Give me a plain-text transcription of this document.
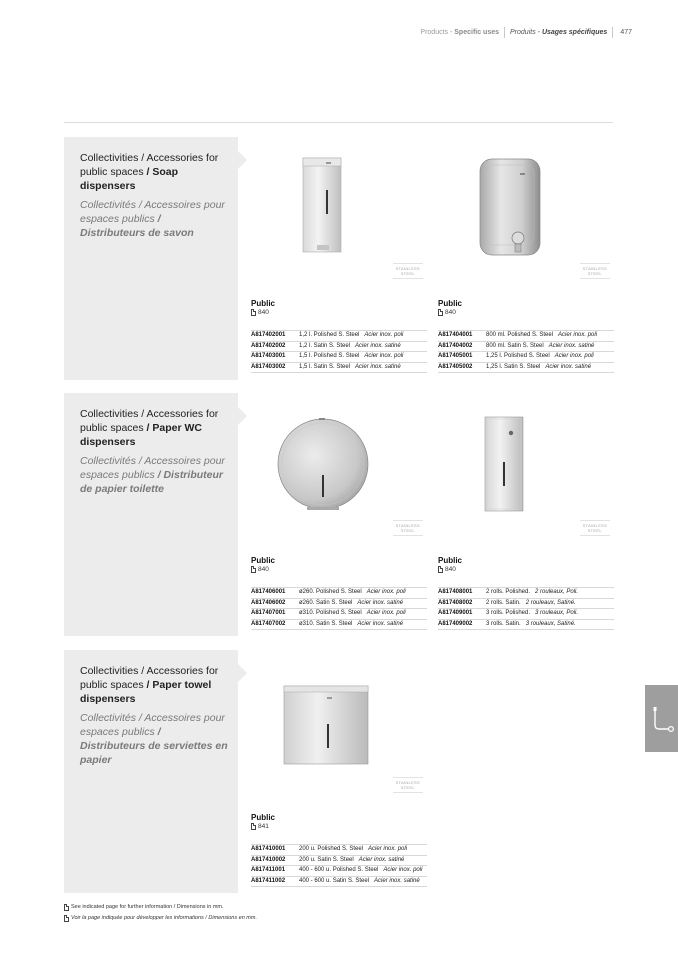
Products -
Specific uses Produits -
Usages spécifiques 477
Collectivities / Accessories for public spaces / Soap dispensers
Collectivités / Accessoires pour espaces publics / Distributeurs de savon
Collectivities / Accessories for public spaces / Paper WC dispensers
Collectivités / Accessoires pour espaces publics / Distributeur de papier toilette
Collectivities / Accessories for public spaces / Paper towel dispensers
Collectivités / Accessoires pour espaces publics / Distributeurs de serviettes en papier
STAINLESS
STEEL
Public
840
A817402001	1,2 l. Polished S. Steel Acier inox. poli
A817402002	1,2 l. Satin S. Steel Acier inox. satiné
A817403001	1,5 l. Polished S. Steel Acier inox. poli
A817403002	1,5 l. Satin S. Steel Acier inox. satiné
STAINLESS
STEEL
Public
840
A817404001	800 ml. Polished S. Steel Acier inox. poli
A817404002	800 ml. Satin S. Steel Acier inox. satiné
A817405001	1,25 l. Polished S. Steel Acier inox. poli
A817405002	1,25 l. Satin S. Steel Acier inox. satiné
STAINLESS
STEEL
Public
840
A817406001	ø260. Polished S. Steel Acier inox. poli
A817406002	ø260. Satin S. Steel Acier inox. satiné
A817407001	ø310. Polished S. Steel Acier inox. poli
A817407002	ø310. Satin S. Steel Acier inox. satiné
STAINLESS
STEEL
Public
840
A817408001	2 rolls. Polished. 2 rouleaux, Poli.
A817408002	2 rolls. Satin. 2 rouleaux, Satiné.
A817409001	3 rolls. Polished. 3 rouleaux, Poli.
A817409002	3 rolls. Satin. 3 rouleaux, Satiné.
STAINLESS
STEEL
Public
841
A817410001	200 u. Polished S. Steel Acier inox. poli
A817410002	200 u. Satin S. Steel Acier inox. satiné
A817411001	400 - 600 u. Polished S. Steel Acier inox. poli
A817411002	400 - 600 u. Satin S. Steel Acier inox. satiné
See indicated page for further information / Dimensions in mm.
Voir la page indiquée pour développer les informations / Dimensions en mm.
